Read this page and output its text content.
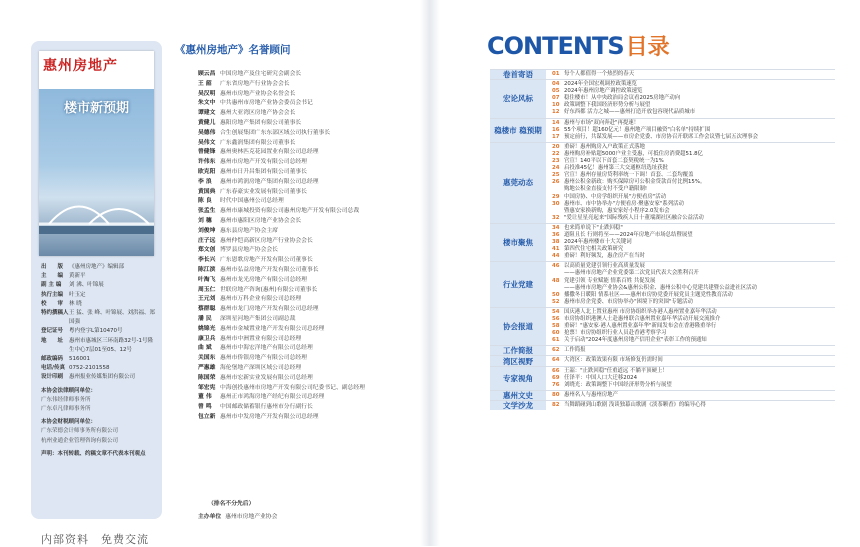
惠州房地产
楼市新预期
出　　版	《惠州房地产》编辑部
主　　编	黄新平
副 主 编	刘 沸、叶锦展
执行主编	叶玉定
校　　审	林 晓
特约撰稿人 王 猛、张 峰、叶锦展、刘洪福、郑国强
登记证号	粤内登字L第10470号
地　　址	惠州市惠城区三环南路32号-1号隆生中心7层01至05、12号
邮政编码	516001
电话/传真 0752-2101558
设计印刷	惠州报业传媒集团有限公司
本协会法律顾问单位：
广东伟经律师事务所
广东卓凡律师事务所
本协会财税顾问单位：
广东荣德会计师事务所有限公司
杭州业通企业管理咨询有限公司
声明：本刊转载、约稿文章不代表本刊观点
内部资料　免费交流
《惠州房地产》名誉顾问
顾云昌 中国房地产及住宅研究会副会长
王 韶	广东省房地产行业协会会长
吴汉明 惠州市房地产业协会名誉会长
朱文中 中共惠州市房地产业协会委员会书记
谭建文 惠州大亚湾区房地产协会会长
黄健儿 惠阳房地产集团有限公司董事长
吴德伟 合生创展集团广东东部区域公司执行董事长
吴伟文 广东鑫润集团有限公司董事长
曾健锋 惠州奥林匹克花园置业有限公司总经理
许伟东 惠州市房地产开发有限公司总经理
欧克阳 惠州市日升昌集团有限公司董事长
李 浪	惠州市鸿润房地产集团有限公司总经理
黄国典 广东春豪实业发展有限公司董事长
陈 良	时代中国惠州公司总经理
张孟生 惠州市康城投资有限公司惠州房地产开发有限公司总裁
刘 穗	惠州市惠阳区房地产业协会会长
刘俊坤 惠东县房地产协会主席
庄子远 惠州仲恺高新区房地产行业协会会长
郑文创 博罗县房地产协会会长
李长兴 广东恩歌房地产开发有限公司董事长
陈江滨 惠州市弘益房地产开发有限公司董事长
叶淘飞 惠州市龙光房地产有限公司总经理
周玉仁 世联房地产咨询(惠州)有限公司董事长
王元刘 惠州市万科企业有限公司总经理
蔡群聪 惠州市龙门房地产开发有限公司总经理
潘 民	深圳星河地产集团公司副总裁
姚锦光 惠州市金城置业地产开发有限公司总经理
康卫兵 惠州市中洲置业有限公司总经理
曲 斌	惠州市中海宏洋地产有限公司总经理
关国东 惠州市侨银房地产有限公司总经理
严惠雄 海伦堡地产深圳区域公司总经理
陈国荣 惠州市宏新实业发展有限公司总经理
邹宏宪 中海创投惠州市房地产开发有限公司纪委书记、副总经理
董 伟	惠州正市鸿海房地产经纪有限公司总经理
曾 鸣	中国邮政储蓄银行惠州市分行副行长
包立新 惠州市中发房地产开发有限公司总经理
（排名不分先后）
主办单位 惠州市房地产业协会
CONTENTS目录
卷首寄语	01 每个人都值得一个热烈的春天
宏论风标
04 2024年全国宏观调控政策速览
05 2024年惠州房地产调控政策速览
07 稳住楼市！从中央政治局会议看2025房地产动向
10 政策调整下我国经济形势分析与展望
12 好东西都 活力之城——惠州打造开放包容现代品质城市
稳楼市 稳预期
14 惠州与市场"双向奔赴"再提速！
16 55个项目！超160亿元！惠州地产项目融资"白名单"持续扩围
17 预定前行，共谋发展——市房企党委、市房协召开联席工作会议暨七届五次理事会
惠莞动态
20 重磅！惠州购房入户政策正式落地
22 惠州购房补贴超5000户业主受惠，可抵住房消费超51.8亿
23 官宣！140平以下首套二套契税统一为1%
24 启投准45亿！惠州第三大交通枢纽选址获批
25 官宣！惠州存量房贷利率统一下调！首套、二套均覆盖
26 惠州公积金新政：购买保障房可公积金贷款首付比例15%。
购地公积金直接支付不受户籍限制!
29 中国房协、中房学组织开展"方便看房"活动
30 惠州市、市中协举办"方便看房·聚惠安家"系列活动
暨惠安家换新购，惠安家好小程序2.0发布会
32 "爱让星星亮起来"国际残疾人日十董端湖社区融合公益活动
楼市聚焦
34 也来简单说下"止跌回稳"
36 道阻且长 行则将至——2024年房地产市场总结暨展望
38 2024年惠州楼市十大关键词
41 第四代住宅相关政策研究
44 重磅！利好频发，惠企房产在当时
行业党建
46 以高质量党建引领行业高质量发展
——惠州市房地产企业党委第二次党员代表大会胜利召开
48 党建引领 专业赋能 情系百姓 共促发展
——惠州市房地产业协会&惠州公积金、惠州公积中心党建共建暨公益进社区活动
50 播撒冬日暖阳 情系社区——惠州市房协党委开展党员主题党性教育活动
52 惠州市房企党委、市房协举办"困境下的突围"专题活动
协会报道
54 国庆港人北上置业惠州 市房协组织举办港人惠州置业嘉年华活动
56 市房协组织港澳人士赴惠州联合惠州置业嘉年华活动开展交流推介
58 重磅！"惠安家·港人惠州置业嘉年华"新闻发布会在香港隆重举行
60 抢票！市房协组织行业人员赴香港考察学习
61 关于启动"2024年度惠州房地产信用企业"表彰工作的预通知
工作简报	62 工作简报
湾区视野	64 大湾区：政策效果有限 市场修复仍需时间
专家视角
66 王韶："止跌回稳"任重道远 不躺平顶硬上！
69 任泽平：中国人口大迁移2024
76 刘晓光：政策调整下中国经济形势分析与展望
惠州文史	80 惠州名人与惠州房地产
文学沙龙	82 当舞蹈碰到山歌剧 浅谈独幕山歌剧《淡茶颗香》的编导心得
